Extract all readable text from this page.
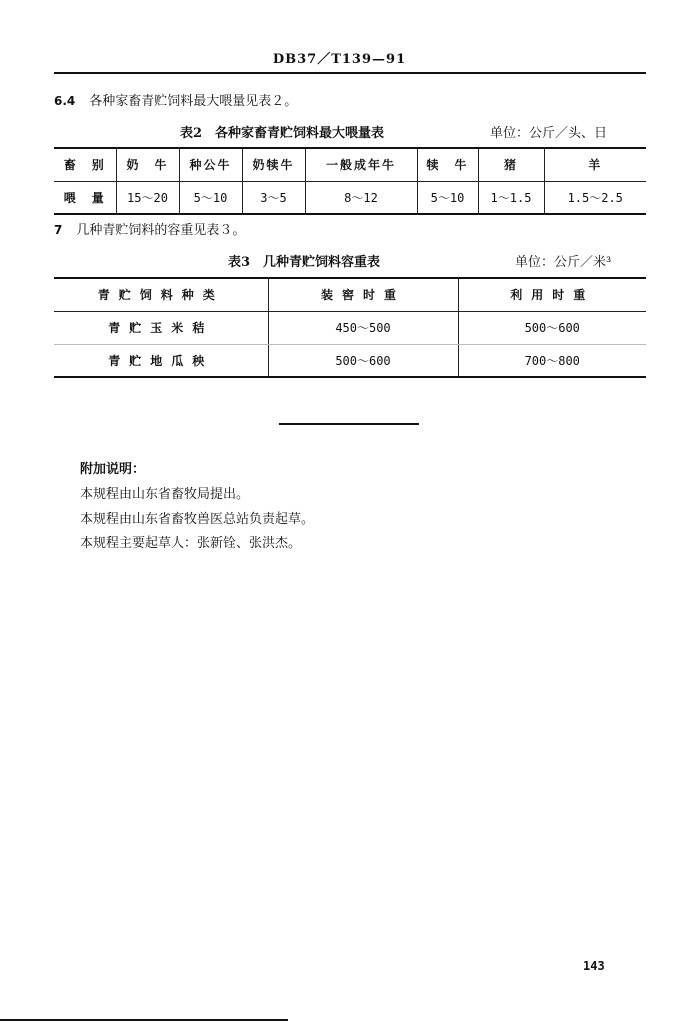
DB37／T139—91
6.4 各种家畜青贮饲料最大喂量见表２。
表2　各种家畜青贮饲料最大喂量表	单位：公斤／头、日
畜　别	奶　牛	种公牛	奶犊牛	一般成年牛	犊　牛	猪	羊
喂　量	15～20	5～10	3～5	8～12	5～10	1～1.5	1.5～2.5
7 几种青贮饲料的容重见表３。
表3　几种青贮饲料容重表	单位：公斤／米³
青贮饲料种类	装窖时重	利用时重
青贮玉米秸	450～500	500～600
青贮地瓜秧	500～600	700～800
附加说明：
本规程由山东省畜牧局提出。
本规程由山东省畜牧兽医总站负责起草。
本规程主要起草人：张新铨、张洪杰。
143
